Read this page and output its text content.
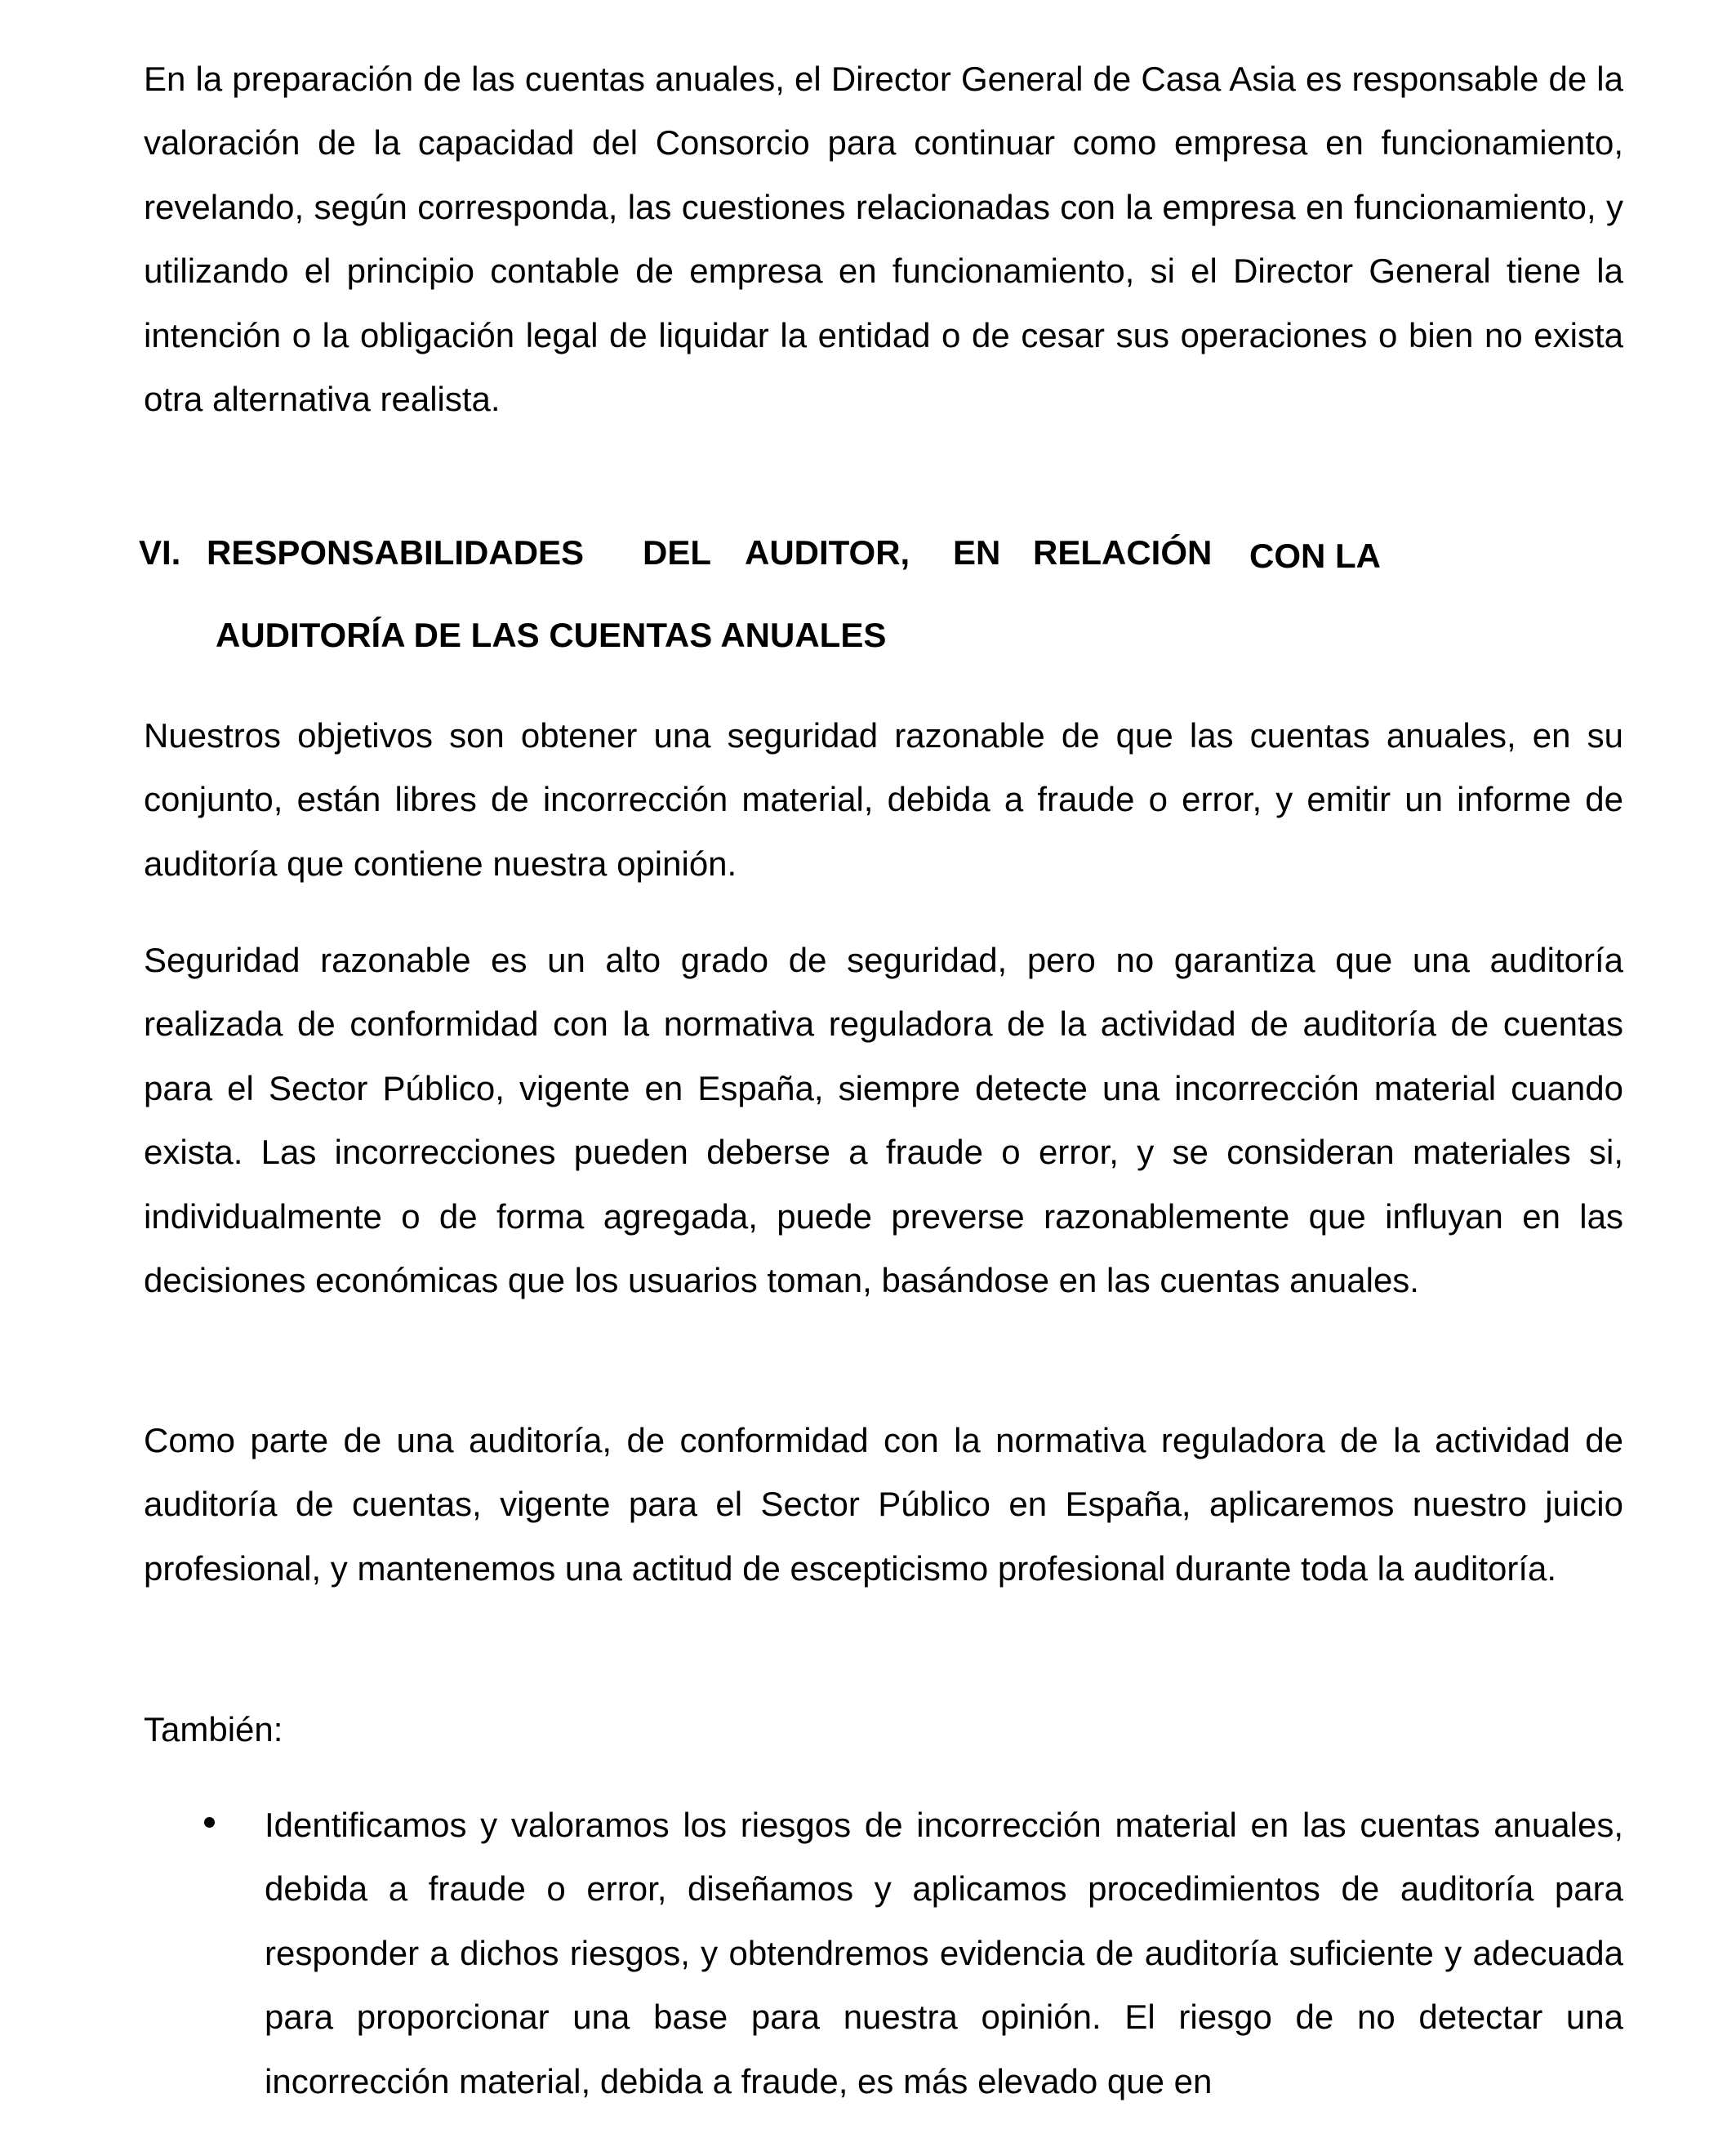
En la preparación de las cuentas anuales, el Director General de Casa Asia es responsable de la valoración de la capacidad del Consorcio para continuar como empresa en funcionamiento, revelando, según corresponda, las cuestiones relacionadas con la empresa en funcionamiento, y utilizando el principio contable de empresa en funcionamiento, si el Director General tiene la intención o la obligación legal de liquidar la entidad o de cesar sus operaciones o bien no exista otra alternativa realista.

VI. RESPONSABILIDADES DEL AUDITOR, EN RELACIÓN CON LA
AUDITORÍA DE LAS CUENTAS ANUALES

Nuestros objetivos son obtener una seguridad razonable de que las cuentas anuales, en su conjunto, están libres de incorrección material, debida a fraude o error, y emitir un informe de auditoría que contiene nuestra opinión.

Seguridad razonable es un alto grado de seguridad, pero no garantiza que una auditoría realizada de conformidad con la normativa reguladora de la actividad de auditoría de cuentas para el Sector Público, vigente en España, siempre detecte una incorrección material cuando exista. Las incorrecciones pueden deberse a fraude o error, y se consideran materiales si, individualmente o de forma agregada, puede preverse razonablemente que influyan en las decisiones económicas que los usuarios toman, basándose en las cuentas anuales.

Como parte de una auditoría, de conformidad con la normativa reguladora de la actividad de auditoría de cuentas, vigente para el Sector Público en España, aplicaremos nuestro juicio profesional, y mantenemos una actitud de escepticismo profesional durante toda la auditoría.

También:

Identificamos y valoramos los riesgos de incorrección material en las cuentas anuales, debida a fraude o error, diseñamos y aplicamos procedimientos de auditoría para responder a dichos riesgos, y obtendremos evidencia de auditoría suficiente y adecuada para proporcionar una base para nuestra opinión. El riesgo de no detectar una incorrección material, debida a fraude, es más elevado que en
